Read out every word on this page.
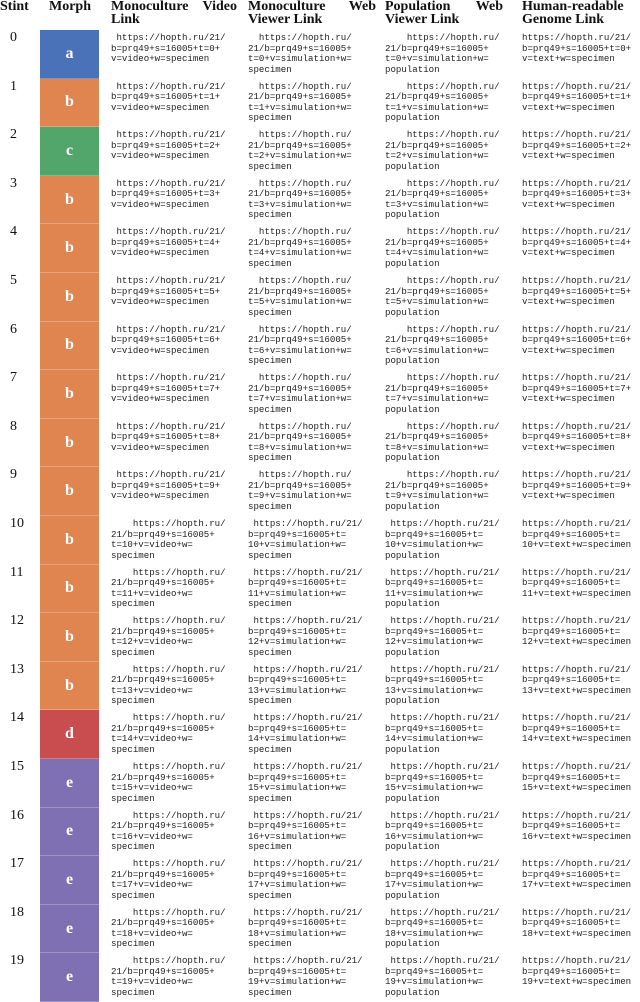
Stint	Morph	Monoculture Video
Link
Monoculture Web
Viewer Link
Population Web
Viewer Link
Human-readable
Genome Link
0
a
https://hopth.ru/21/
b=prq49+s=16005+t=0+
v=video+w=specimen
https://hopth.ru/
21/b=prq49+s=16005+
t=0+v=simulation+w=
specimen
https://hopth.ru/
21/b=prq49+s=16005+
t=0+v=simulation+w=
population
https://hopth.ru/21/
b=prq49+s=16005+t=0+
v=text+w=specimen
1
b
https://hopth.ru/21/
b=prq49+s=16005+t=1+
v=video+w=specimen
https://hopth.ru/
21/b=prq49+s=16005+
t=1+v=simulation+w=
specimen
https://hopth.ru/
21/b=prq49+s=16005+
t=1+v=simulation+w=
population
https://hopth.ru/21/
b=prq49+s=16005+t=1+
v=text+w=specimen
2
c
https://hopth.ru/21/
b=prq49+s=16005+t=2+
v=video+w=specimen
https://hopth.ru/
21/b=prq49+s=16005+
t=2+v=simulation+w=
specimen
https://hopth.ru/
21/b=prq49+s=16005+
t=2+v=simulation+w=
population
https://hopth.ru/21/
b=prq49+s=16005+t=2+
v=text+w=specimen
3
b
https://hopth.ru/21/
b=prq49+s=16005+t=3+
v=video+w=specimen
https://hopth.ru/
21/b=prq49+s=16005+
t=3+v=simulation+w=
specimen
https://hopth.ru/
21/b=prq49+s=16005+
t=3+v=simulation+w=
population
https://hopth.ru/21/
b=prq49+s=16005+t=3+
v=text+w=specimen
4
b
https://hopth.ru/21/
b=prq49+s=16005+t=4+
v=video+w=specimen
https://hopth.ru/
21/b=prq49+s=16005+
t=4+v=simulation+w=
specimen
https://hopth.ru/
21/b=prq49+s=16005+
t=4+v=simulation+w=
population
https://hopth.ru/21/
b=prq49+s=16005+t=4+
v=text+w=specimen
5
b
https://hopth.ru/21/
b=prq49+s=16005+t=5+
v=video+w=specimen
https://hopth.ru/
21/b=prq49+s=16005+
t=5+v=simulation+w=
specimen
https://hopth.ru/
21/b=prq49+s=16005+
t=5+v=simulation+w=
population
https://hopth.ru/21/
b=prq49+s=16005+t=5+
v=text+w=specimen
6
b
https://hopth.ru/21/
b=prq49+s=16005+t=6+
v=video+w=specimen
https://hopth.ru/
21/b=prq49+s=16005+
t=6+v=simulation+w=
specimen
https://hopth.ru/
21/b=prq49+s=16005+
t=6+v=simulation+w=
population
https://hopth.ru/21/
b=prq49+s=16005+t=6+
v=text+w=specimen
7
b
https://hopth.ru/21/
b=prq49+s=16005+t=7+
v=video+w=specimen
https://hopth.ru/
21/b=prq49+s=16005+
t=7+v=simulation+w=
specimen
https://hopth.ru/
21/b=prq49+s=16005+
t=7+v=simulation+w=
population
https://hopth.ru/21/
b=prq49+s=16005+t=7+
v=text+w=specimen
8
b
https://hopth.ru/21/
b=prq49+s=16005+t=8+
v=video+w=specimen
https://hopth.ru/
21/b=prq49+s=16005+
t=8+v=simulation+w=
specimen
https://hopth.ru/
21/b=prq49+s=16005+
t=8+v=simulation+w=
population
https://hopth.ru/21/
b=prq49+s=16005+t=8+
v=text+w=specimen
9
b
https://hopth.ru/21/
b=prq49+s=16005+t=9+
v=video+w=specimen
https://hopth.ru/
21/b=prq49+s=16005+
t=9+v=simulation+w=
specimen
https://hopth.ru/
21/b=prq49+s=16005+
t=9+v=simulation+w=
population
https://hopth.ru/21/
b=prq49+s=16005+t=9+
v=text+w=specimen
10
b
https://hopth.ru/
21/b=prq49+s=16005+
t=10+v=video+w=
specimen
https://hopth.ru/21/
b=prq49+s=16005+t=
10+v=simulation+w=
specimen
https://hopth.ru/21/
b=prq49+s=16005+t=
10+v=simulation+w=
population
https://hopth.ru/21/
b=prq49+s=16005+t=
10+v=text+w=specimen
11
b
https://hopth.ru/
21/b=prq49+s=16005+
t=11+v=video+w=
specimen
https://hopth.ru/21/
b=prq49+s=16005+t=
11+v=simulation+w=
specimen
https://hopth.ru/21/
b=prq49+s=16005+t=
11+v=simulation+w=
population
https://hopth.ru/21/
b=prq49+s=16005+t=
11+v=text+w=specimen
12
b
https://hopth.ru/
21/b=prq49+s=16005+
t=12+v=video+w=
specimen
https://hopth.ru/21/
b=prq49+s=16005+t=
12+v=simulation+w=
specimen
https://hopth.ru/21/
b=prq49+s=16005+t=
12+v=simulation+w=
population
https://hopth.ru/21/
b=prq49+s=16005+t=
12+v=text+w=specimen
13
b
https://hopth.ru/
21/b=prq49+s=16005+
t=13+v=video+w=
specimen
https://hopth.ru/21/
b=prq49+s=16005+t=
13+v=simulation+w=
specimen
https://hopth.ru/21/
b=prq49+s=16005+t=
13+v=simulation+w=
population
https://hopth.ru/21/
b=prq49+s=16005+t=
13+v=text+w=specimen
14
d
https://hopth.ru/
21/b=prq49+s=16005+
t=14+v=video+w=
specimen
https://hopth.ru/21/
b=prq49+s=16005+t=
14+v=simulation+w=
specimen
https://hopth.ru/21/
b=prq49+s=16005+t=
14+v=simulation+w=
population
https://hopth.ru/21/
b=prq49+s=16005+t=
14+v=text+w=specimen
15
e
https://hopth.ru/
21/b=prq49+s=16005+
t=15+v=video+w=
specimen
https://hopth.ru/21/
b=prq49+s=16005+t=
15+v=simulation+w=
specimen
https://hopth.ru/21/
b=prq49+s=16005+t=
15+v=simulation+w=
population
https://hopth.ru/21/
b=prq49+s=16005+t=
15+v=text+w=specimen
16
e
https://hopth.ru/
21/b=prq49+s=16005+
t=16+v=video+w=
specimen
https://hopth.ru/21/
b=prq49+s=16005+t=
16+v=simulation+w=
specimen
https://hopth.ru/21/
b=prq49+s=16005+t=
16+v=simulation+w=
population
https://hopth.ru/21/
b=prq49+s=16005+t=
16+v=text+w=specimen
17
e
https://hopth.ru/
21/b=prq49+s=16005+
t=17+v=video+w=
specimen
https://hopth.ru/21/
b=prq49+s=16005+t=
17+v=simulation+w=
specimen
https://hopth.ru/21/
b=prq49+s=16005+t=
17+v=simulation+w=
population
https://hopth.ru/21/
b=prq49+s=16005+t=
17+v=text+w=specimen
18
e
https://hopth.ru/
21/b=prq49+s=16005+
t=18+v=video+w=
specimen
https://hopth.ru/21/
b=prq49+s=16005+t=
18+v=simulation+w=
specimen
https://hopth.ru/21/
b=prq49+s=16005+t=
18+v=simulation+w=
population
https://hopth.ru/21/
b=prq49+s=16005+t=
18+v=text+w=specimen
19
e
https://hopth.ru/
21/b=prq49+s=16005+
t=19+v=video+w=
specimen
https://hopth.ru/21/
b=prq49+s=16005+t=
19+v=simulation+w=
specimen
https://hopth.ru/21/
b=prq49+s=16005+t=
19+v=simulation+w=
population
https://hopth.ru/21/
b=prq49+s=16005+t=
19+v=text+w=specimen
